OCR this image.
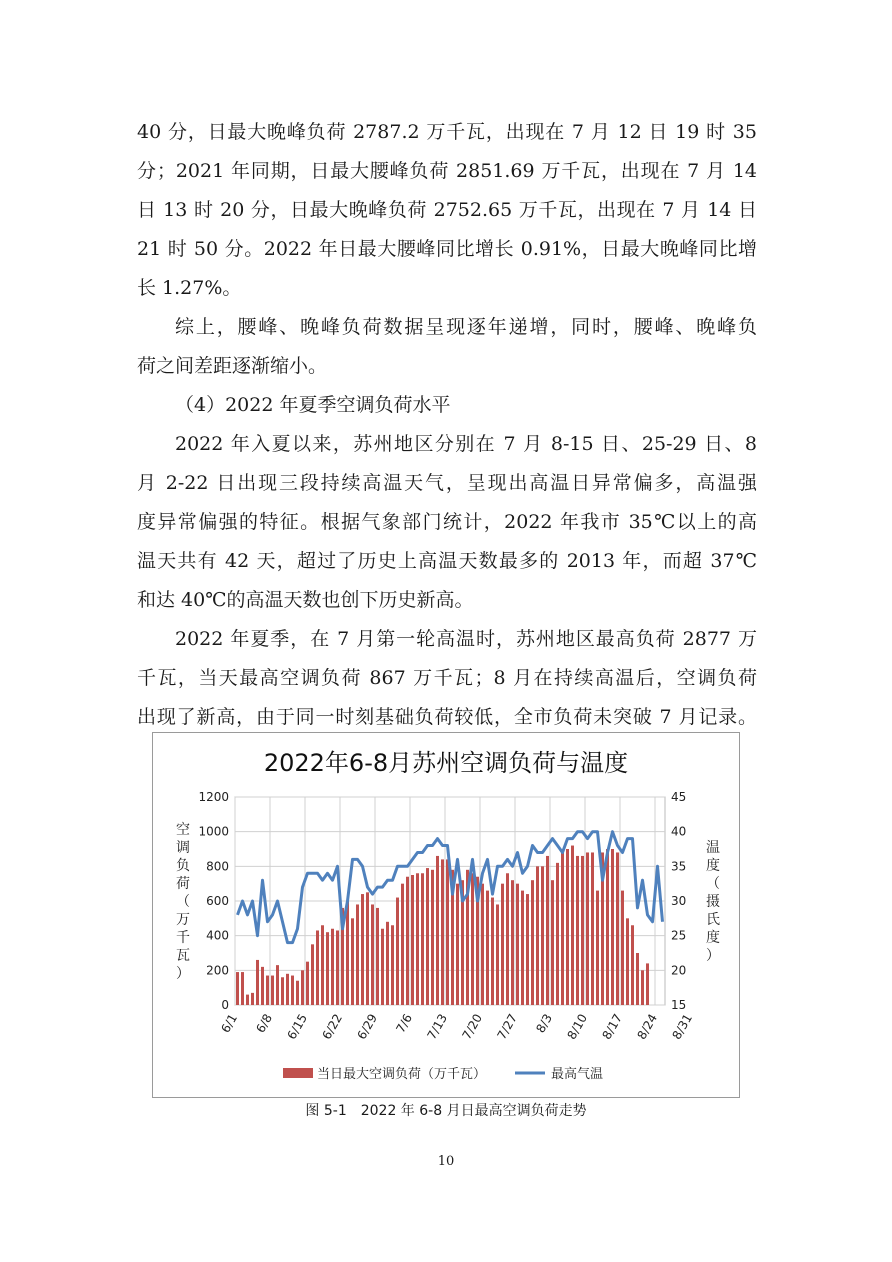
40 分，日最大晚峰负荷 2787.2 万千瓦，出现在 7 月 12 日 19 时 35
分；2021 年同期，日最大腰峰负荷 2851.69 万千瓦，出现在 7 月 14
日 13 时 20 分，日最大晚峰负荷 2752.65 万千瓦，出现在 7 月 14 日
21 时 50 分。2022 年日最大腰峰同比增长 0.91%，日最大晚峰同比增
长 1.27%。
综上，腰峰、晚峰负荷数据呈现逐年递增，同时，腰峰、晚峰负
荷之间差距逐渐缩小。
（4）2022 年夏季空调负荷水平
2022 年入夏以来，苏州地区分别在 7 月 8-15 日、25-29 日、8
月 2-22 日出现三段持续高温天气，呈现出高温日异常偏多，高温强
度异常偏强的特征。根据气象部门统计，2022 年我市 35℃以上的高
温天共有 42 天，超过了历史上高温天数最多的 2013 年，而超 37℃
和达 40℃的高温天数也创下历史新高。
2022 年夏季，在 7 月第一轮高温时，苏州地区最高负荷 2877 万
千瓦，当天最高空调负荷 867 万千瓦；8 月在持续高温后，空调负荷
出现了新高，由于同一时刻基础负荷较低，全市负荷未突破 7 月记录。
2022年6-8月苏州空调负荷与温度
0
200
400
600
800
1000
1200
15
20
25
30
35
40
45
6/1 6/8 6/15 6/22 6/29 7/6 7/13 7/20 7/27 8/3 8/10 8/17 8/24 8/31
空
调
负
荷
（
万
千
瓦
）
温
度
（
摄
氏
度
）
当日最大空调负荷（万千瓦）	最高气温
图 5-1　2022 年 6-8 月日最高空调负荷走势
10
